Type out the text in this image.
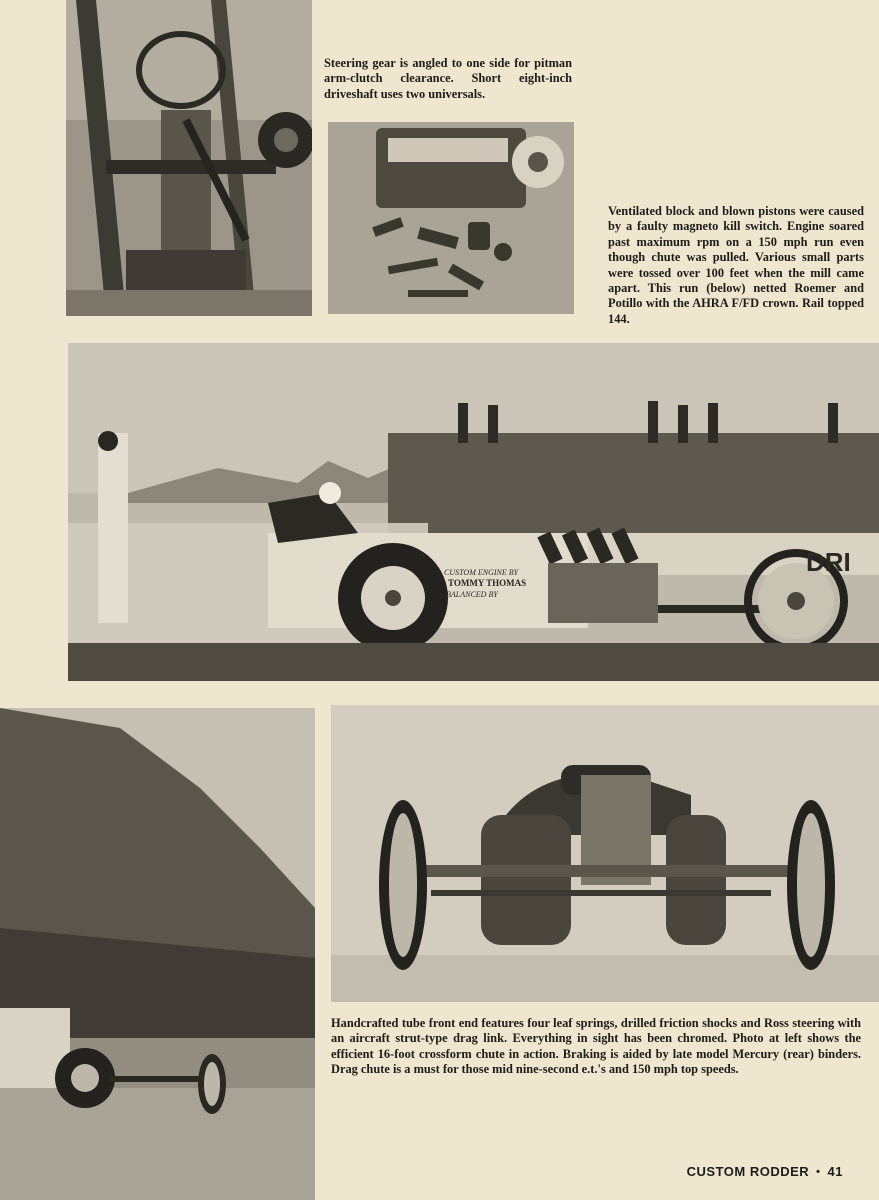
Steering gear is angled to one side for pitman arm-clutch clearance. Short eight-inch driveshaft uses two universals.

Ventilated block and blown pistons were caused by a faulty magneto kill switch. Engine soared past maximum rpm on a 150 mph run even though chute was pulled. Various small parts were tossed over 100 feet when the mill came apart. This run (below) netted Roemer and Potillo with the AHRA F/FD crown. Rail topped 144.

CUSTOM ENGINE BY
TOMMY THOMAS
BALANCED BY
DRI

Handcrafted tube front end features four leaf springs, drilled friction shocks and Ross steering with an aircraft strut-type drag link. Everything in sight has been chromed. Photo at left shows the efficient 16-foot crossform chute in action. Braking is aided by late model Mercury (rear) binders. Drag chute is a must for those mid nine-second e.t.'s and 150 mph top speeds.

CUSTOM RODDER • 41
